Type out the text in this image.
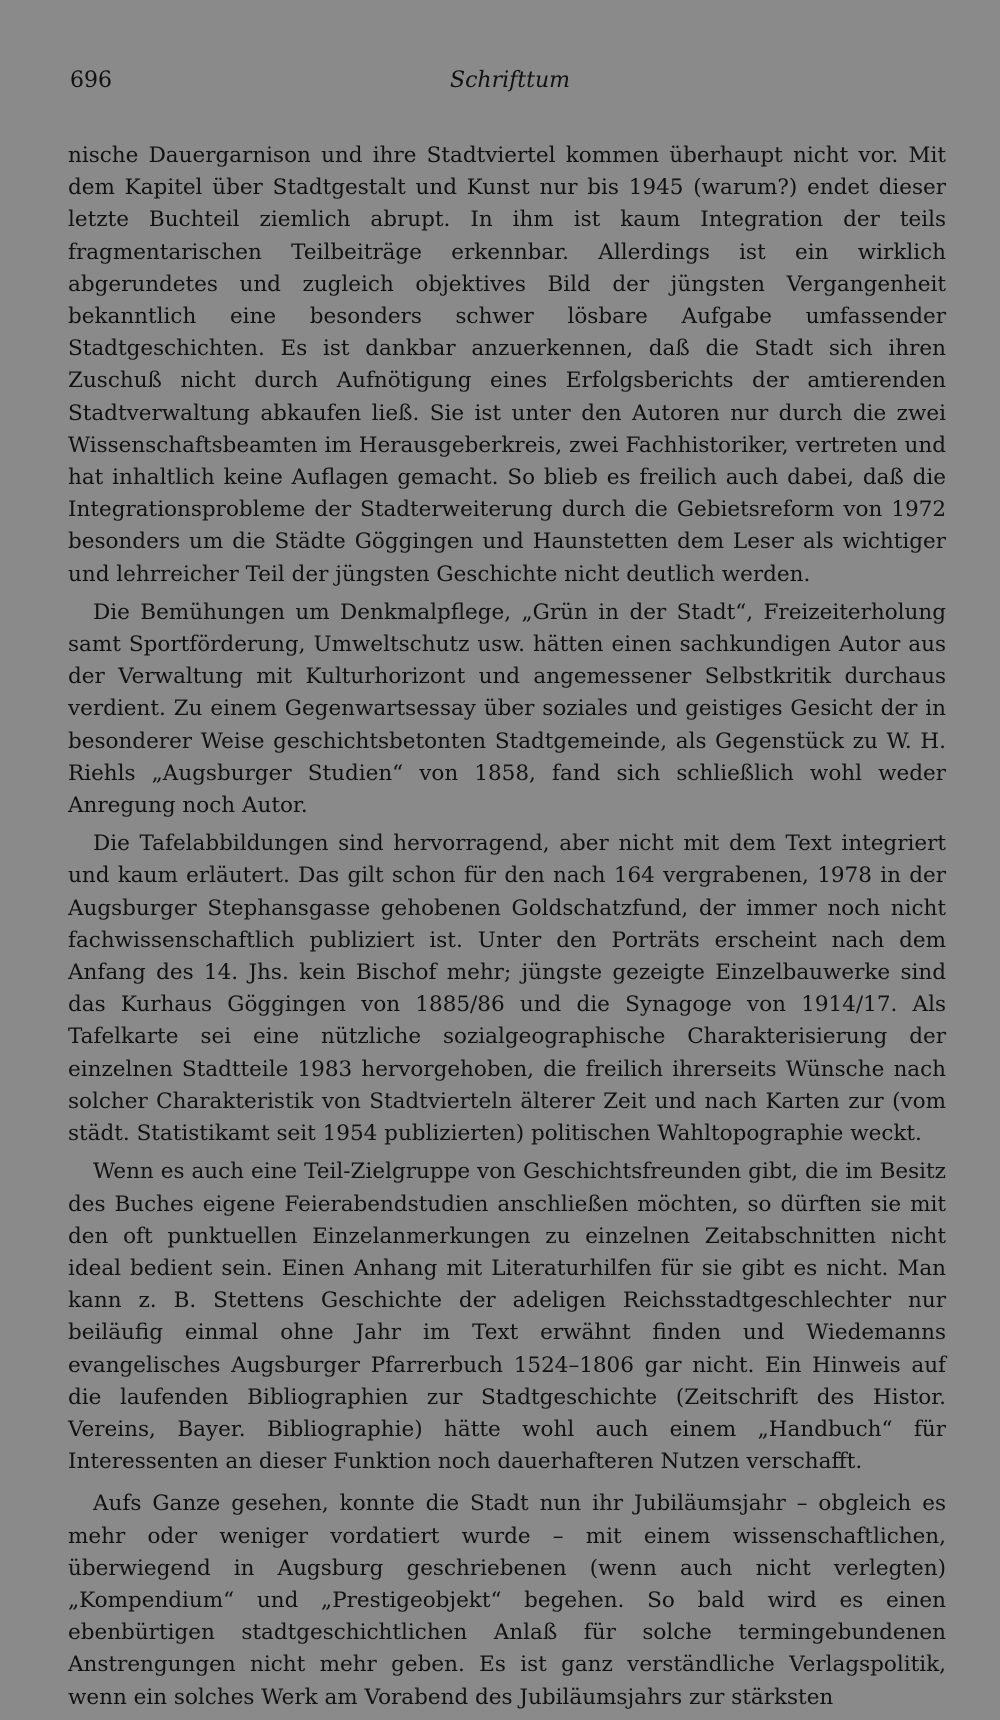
696	Schrifttum

nische Dauergarnison und ihre Stadtviertel kommen überhaupt nicht vor. Mit dem Kapitel über Stadtgestalt und Kunst nur bis 1945 (warum?) endet dieser letzte Buchteil ziemlich abrupt. In ihm ist kaum Integration der teils fragmentarischen Teilbeiträge erkennbar. Allerdings ist ein wirklich abgerundetes und zugleich objektives Bild der jüngsten Vergangenheit bekanntlich eine besonders schwer lösbare Aufgabe umfassender Stadtgeschichten. Es ist dankbar anzuerkennen, daß die Stadt sich ihren Zuschuß nicht durch Aufnötigung eines Erfolgsberichts der amtierenden Stadtverwaltung abkaufen ließ. Sie ist unter den Autoren nur durch die zwei Wissenschaftsbeamten im Herausgeberkreis, zwei Fachhistoriker, vertreten und hat inhaltlich keine Auflagen gemacht. So blieb es freilich auch dabei, daß die Integrationsprobleme der Stadterweiterung durch die Gebietsreform von 1972 besonders um die Städte Göggingen und Haunstetten dem Leser als wichtiger und lehrreicher Teil der jüngsten Geschichte nicht deutlich werden.

Die Bemühungen um Denkmalpflege, „Grün in der Stadt“, Freizeiterholung samt Sportförderung, Umweltschutz usw. hätten einen sachkundigen Autor aus der Verwaltung mit Kulturhorizont und angemessener Selbstkritik durchaus verdient. Zu einem Gegenwartsessay über soziales und geistiges Gesicht der in besonderer Weise geschichtsbetonten Stadtgemeinde, als Gegenstück zu W. H. Riehls „Augsburger Studien“ von 1858, fand sich schließlich wohl weder Anregung noch Autor.

Die Tafelabbildungen sind hervorragend, aber nicht mit dem Text integriert und kaum erläutert. Das gilt schon für den nach 164 vergrabenen, 1978 in der Augsburger Stephansgasse gehobenen Goldschatzfund, der immer noch nicht fachwissenschaftlich publiziert ist. Unter den Porträts erscheint nach dem Anfang des 14. Jhs. kein Bischof mehr; jüngste gezeigte Einzelbauwerke sind das Kurhaus Göggingen von 1885/86 und die Synagoge von 1914/17. Als Tafelkarte sei eine nützliche sozialgeographische Charakterisierung der einzelnen Stadtteile 1983 hervorgehoben, die freilich ihrerseits Wünsche nach solcher Charakteristik von Stadtvierteln älterer Zeit und nach Karten zur (vom städt. Statistikamt seit 1954 publizierten) politischen Wahltopographie weckt.

Wenn es auch eine Teil-Zielgruppe von Geschichtsfreunden gibt, die im Besitz des Buches eigene Feierabendstudien anschließen möchten, so dürften sie mit den oft punktuellen Einzelanmerkungen zu einzelnen Zeitabschnitten nicht ideal bedient sein. Einen Anhang mit Literaturhilfen für sie gibt es nicht. Man kann z. B. Stettens Geschichte der adeligen Reichsstadtgeschlechter nur beiläufig einmal ohne Jahr im Text erwähnt finden und Wiedemanns evangelisches Augsburger Pfarrerbuch 1524–1806 gar nicht. Ein Hinweis auf die laufenden Bibliographien zur Stadtgeschichte (Zeitschrift des Histor. Vereins, Bayer. Bibliographie) hätte wohl auch einem „Handbuch“ für Interessenten an dieser Funktion noch dauerhafteren Nutzen verschafft.

Aufs Ganze gesehen, konnte die Stadt nun ihr Jubiläumsjahr – obgleich es mehr oder weniger vordatiert wurde – mit einem wissenschaftlichen, überwiegend in Augsburg geschriebenen (wenn auch nicht verlegten) „Kompendium“ und „Prestigeobjekt“ begehen. So bald wird es einen ebenbürtigen stadtgeschichtlichen Anlaß für solche termingebundenen Anstrengungen nicht mehr geben. Es ist ganz verständliche Verlagspolitik, wenn ein solches Werk am Vorabend des Jubiläumsjahrs zur stärksten
